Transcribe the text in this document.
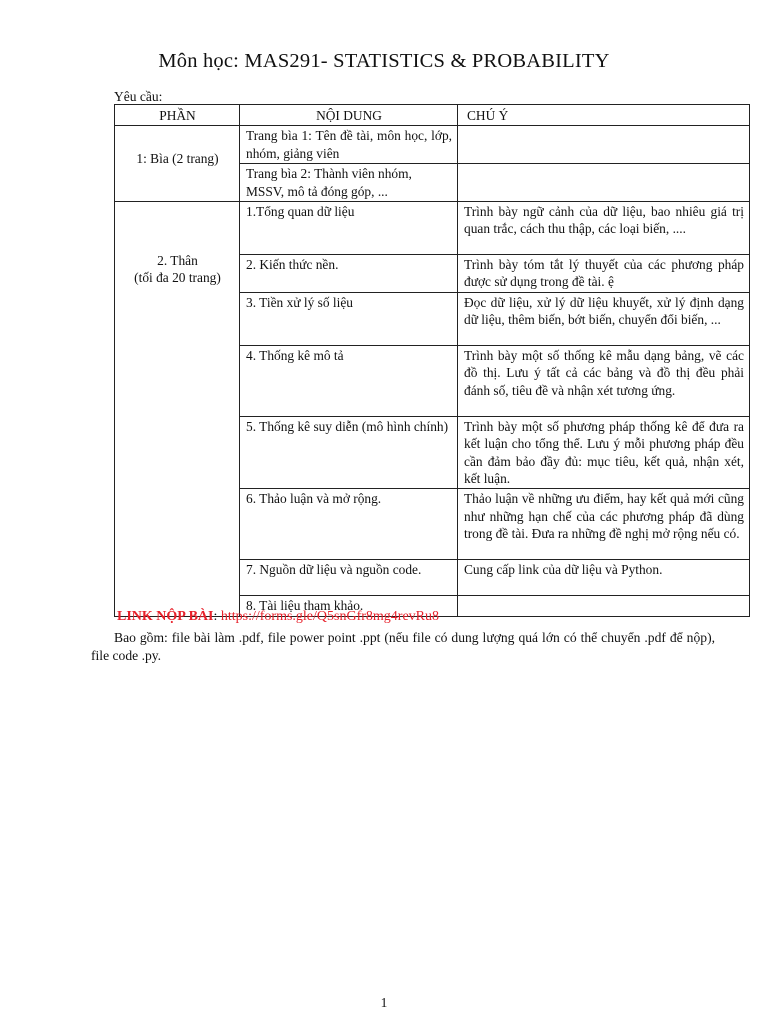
Môn học: MAS291- STATISTICS & PROBABILITY
Yêu cầu:
PHẦN	NỘI DUNG	CHÚ Ý
1: Bìa (2 trang)	Trang bìa 1: Tên đề tài, môn học, lớp, nhóm, giảng viên	
	Trang bìa 2: Thành viên nhóm, MSSV, mô tả đóng góp, ...	

2. Thân
(tối đa 20 trang)	1.Tổng quan dữ liệu	Trình bày ngữ cảnh của dữ liệu, bao nhiêu giá trị quan trắc, cách thu thập, các loại biến, ....
	2. Kiến thức nền.	Trình bày tóm tắt lý thuyết của các phương pháp được sử dụng trong đề tài. ệ
	3. Tiền xử lý số liệu	Đọc dữ liệu, xử lý dữ liệu khuyết, xử lý định dạng dữ liệu, thêm biến, bớt biến, chuyển đổi biến, ...
	4. Thống kê mô tả	Trình bày một số thống kê mẫu dạng bảng, vẽ các đồ thị. Lưu ý tất cả các bảng và đồ thị đều phải đánh số, tiêu đề và nhận xét tương ứng.
	5. Thống kê suy diễn (mô hình chính)	Trình bày một số phương pháp thống kê để đưa ra kết luận cho tổng thể. Lưu ý mỗi phương pháp đều cần đảm bảo đầy đủ: mục tiêu, kết quả, nhận xét, kết luận.
	6. Thảo luận và mở rộng.	Thảo luận về những ưu điểm, hay kết quả mới cũng như những hạn chế của các phương pháp đã dùng trong đề tài. Đưa ra những đề nghị mở rộng nếu có.
	7. Nguồn dữ liệu và nguồn code.	Cung cấp link của dữ liệu và Python.
	8. Tài liệu tham khảo.	
LINK NỘP BÀI: https://forms.gle/Q5snGfr8mg4revRu8
Bao gồm: file bài làm .pdf, file power point .ppt (nếu file có dung lượng quá lớn có thể chuyển .pdf để nộp), file code .py.
1
